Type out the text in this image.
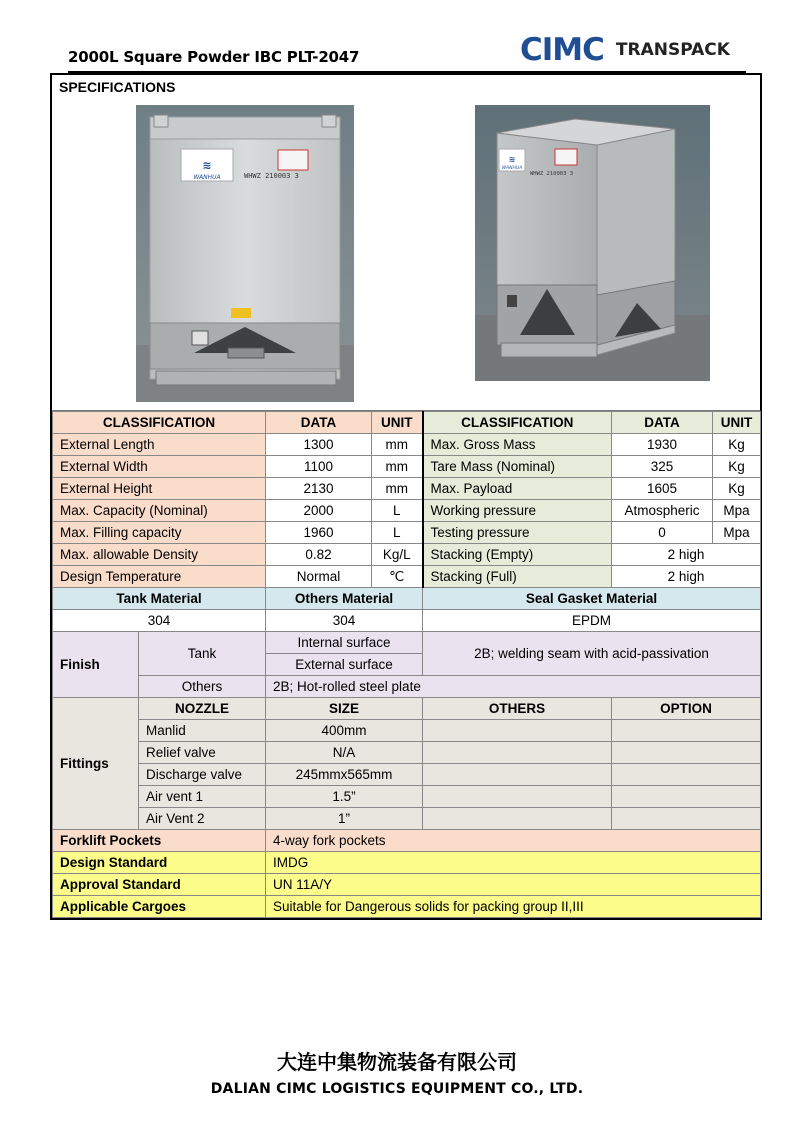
2000L Square Powder IBC PLT-2047	CIMC TRANSPACK
SPECIFICATIONS
≋
WANHUA	WHWZ 210003 3
≋
WANHUA
WHWZ 210003 3
CLASSIFICATION		DATA	UNIT	CLASSIFICATION	DATA	UNIT
External Length		1300	mm	Max. Gross Mass	1930	Kg
External Width		1100	mm	Tare Mass (Nominal)	325	Kg
External Height		2130	mm	Max. Payload	1605	Kg
Max. Capacity (Nominal)		2000	L	Working pressure	Atmospheric	Mpa
Max. Filling capacity		1960	L	Testing pressure	0	Mpa
Max. allowable Density		0.82	Kg/L	Stacking (Empty)	2 high	
Design Temperature		Normal	℃	Stacking (Full)	2 high	
Tank Material		Others Material		Seal Gasket Material		
304		304		EPDM		
Finish	Tank	Internal surface		2B; welding seam with acid-passivation		
		External surface				
	Others	2B; Hot-rolled steel plate				
Fittings	NOZZLE	SIZE		OTHERS	OPTION	
	Manlid	400mm				
	Relief valve	N/A				
	Discharge valve	245mmx565mm				
	Air vent 1	1.5”				
	Air Vent 2	1”				
Forklift Pockets		4-way fork pockets				
Design Standard		IMDG				
Approval Standard		UN 11A/Y				
Applicable Cargoes		Suitable for Dangerous solids for packing group II,III				
大连中集物流装备有限公司
DALIAN CIMC LOGISTICS EQUIPMENT CO., LTD.
